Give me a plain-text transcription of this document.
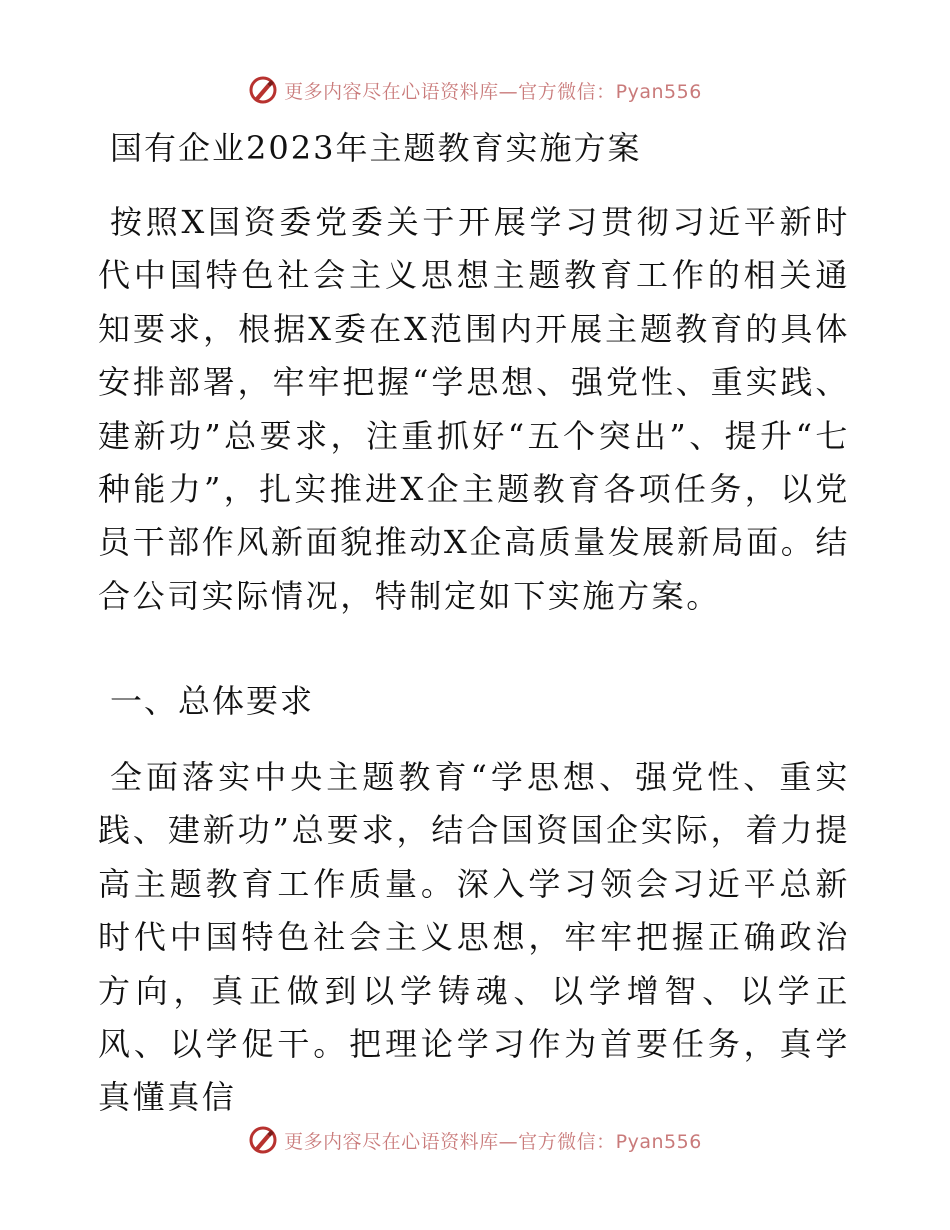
更多内容尽在心语资料库—官方微信：Pyan556
国有企业2023年主题教育实施方案

按照X国资委党委关于开展学习贯彻习近平新时代中国特色社会主义思想主题教育工作的相关通知要求，根据X委在X范围内开展主题教育的具体安排部署，牢牢把握“学思想、强党性、重实践、建新功”总要求，注重抓好“五个突出”、提升“七种能力”，扎实推进X企主题教育各项任务，以党员干部作风新面貌推动X企高质量发展新局面。结合公司实际情况，特制定如下实施方案。

一、总体要求

全面落实中央主题教育“学思想、强党性、重实践、建新功”总要求，结合国资国企实际，着力提高主题教育工作质量。深入学习领会习近平总新时代中国特色社会主义思想，牢牢把握正确政治方向，真正做到以学铸魂、以学增智、以学正风、以学促干。把理论学习作为首要任务，真学真懂真信

更多内容尽在心语资料库—官方微信：Pyan556
